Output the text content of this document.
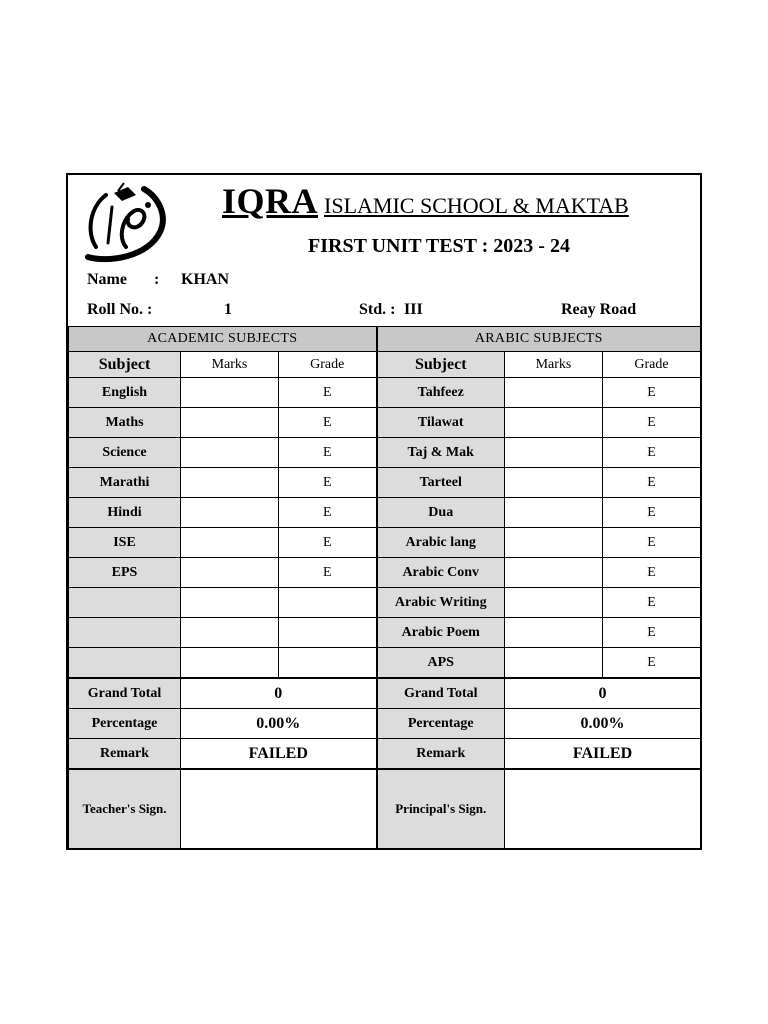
IQRA ISLAMIC SCHOOL & MAKTAB
FIRST UNIT TEST : 2023 - 24
Name : KHAN
Roll No. :	1	Std. : III	Reay Road
ACADEMIC SUBJECTS			ARABIC SUBJECTS		
Subject	Marks	Grade	Subject	Marks	Grade
English		E	Tahfeez		E
Maths		E	Tilawat		E
Science		E	Taj & Mak		E
Marathi		E	Tarteel		E
Hindi		E	Dua		E
ISE		E	Arabic lang		E
EPS		E	Arabic Conv		E
			Arabic Writing		E
			Arabic Poem		E
			APS		E
Grand Total	0		Grand Total	0	
Percentage	0.00%		Percentage	0.00%	
Remark	FAILED		Remark	FAILED	
Teacher's Sign.			Principal's Sign.		
